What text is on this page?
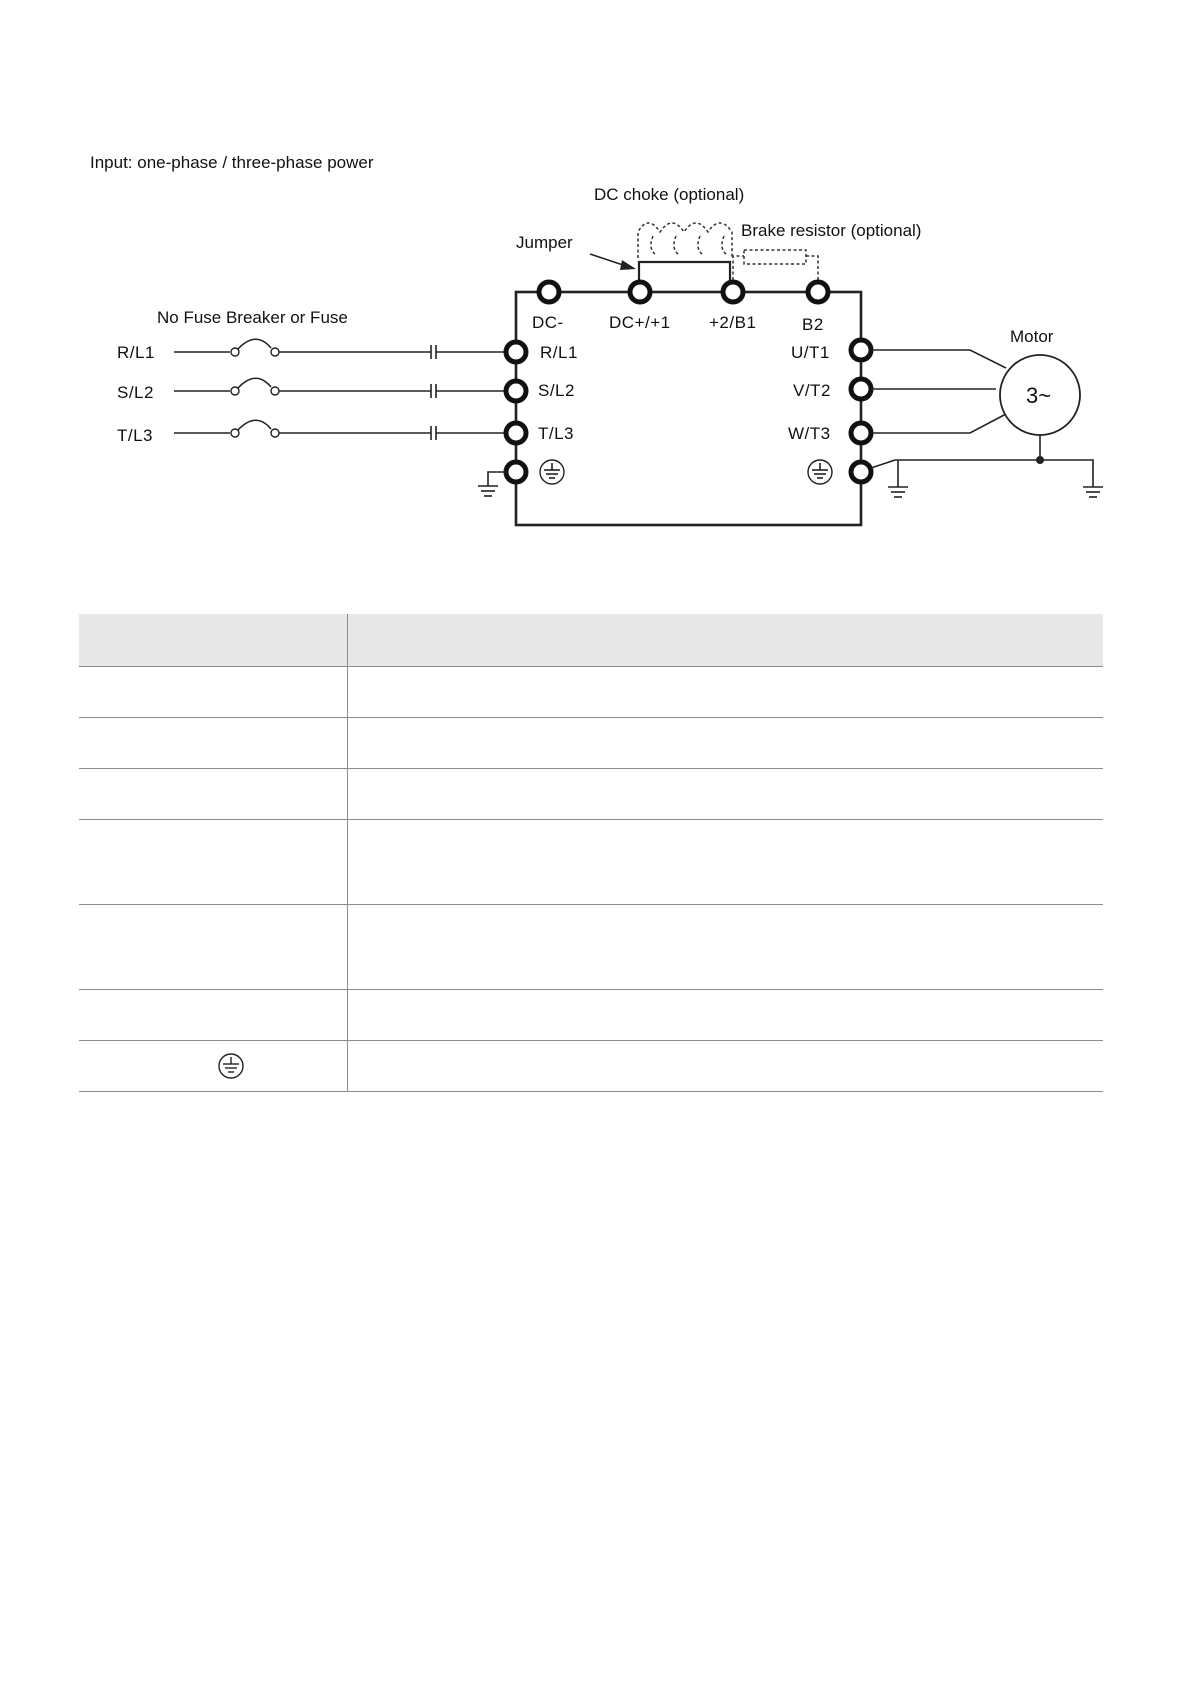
Input: one-phase / three-phase power
DC choke (optional)
Brake resistor (optional)
Jumper
No Fuse Breaker or Fuse
Motor
DC-	DC+/+1 +2/B1	B2
R/L1
S/L2
T/L3
R/L1
S/L2
T/L3
U/T1
V/T2
W/T3
3~
